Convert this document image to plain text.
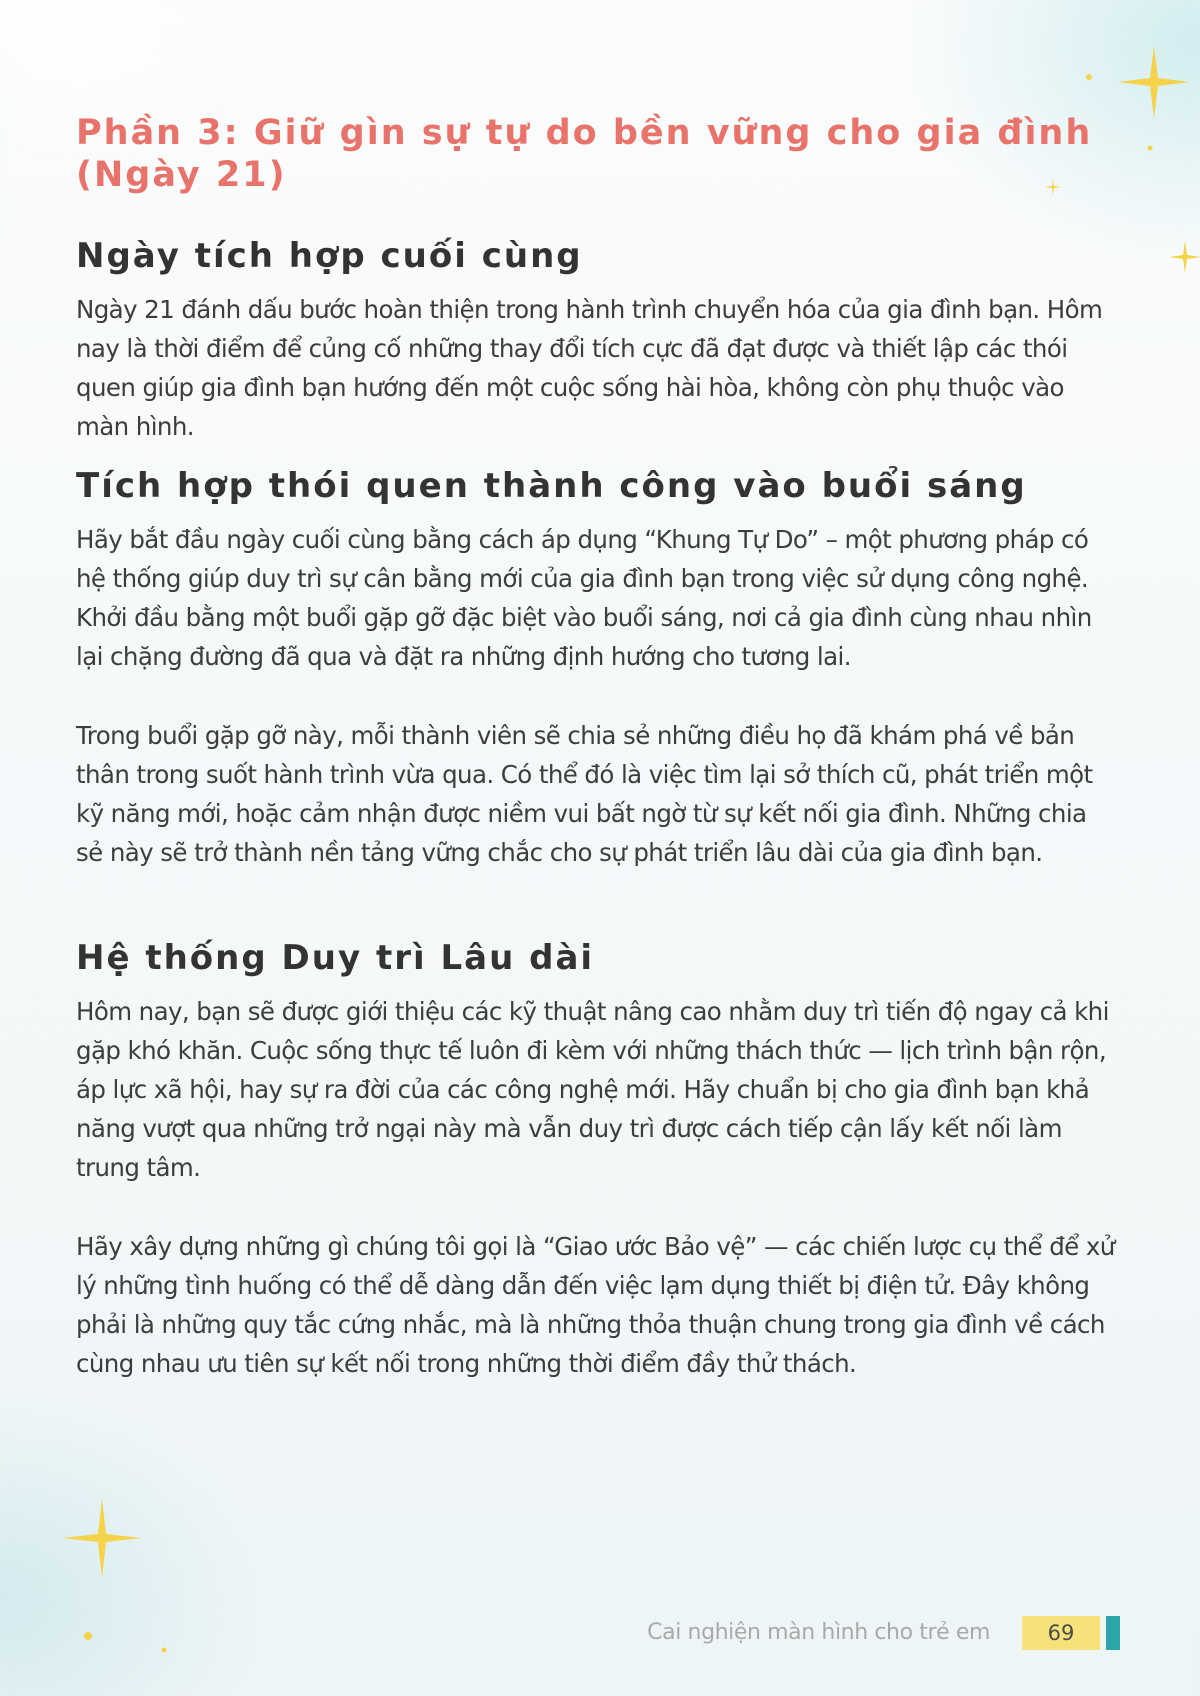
Phần 3: Giữ gìn sự tự do bền vững cho gia đình (Ngày 21)
Ngày tích hợp cuối cùng

Ngày 21 đánh dấu bước hoàn thiện trong hành trình chuyển hóa của gia đình bạn. Hôm nay là thời điểm để củng cố những thay đổi tích cực đã đạt được và thiết lập các thói quen giúp gia đình bạn hướng đến một cuộc sống hài hòa, không còn phụ thuộc vào màn hình.

Tích hợp thói quen thành công vào buổi sáng

Hãy bắt đầu ngày cuối cùng bằng cách áp dụng “Khung Tự Do” – một phương pháp có hệ thống giúp duy trì sự cân bằng mới của gia đình bạn trong việc sử dụng công nghệ. Khởi đầu bằng một buổi gặp gỡ đặc biệt vào buổi sáng, nơi cả gia đình cùng nhau nhìn lại chặng đường đã qua và đặt ra những định hướng cho tương lai.

Trong buổi gặp gỡ này, mỗi thành viên sẽ chia sẻ những điều họ đã khám phá về bản thân trong suốt hành trình vừa qua. Có thể đó là việc tìm lại sở thích cũ, phát triển một kỹ năng mới, hoặc cảm nhận được niềm vui bất ngờ từ sự kết nối gia đình. Những chia sẻ này sẽ trở thành nền tảng vững chắc cho sự phát triển lâu dài của gia đình bạn.

Hệ thống Duy trì Lâu dài

Hôm nay, bạn sẽ được giới thiệu các kỹ thuật nâng cao nhằm duy trì tiến độ ngay cả khi gặp khó khăn. Cuộc sống thực tế luôn đi kèm với những thách thức — lịch trình bận rộn, áp lực xã hội, hay sự ra đời của các công nghệ mới. Hãy chuẩn bị cho gia đình bạn khả năng vượt qua những trở ngại này mà vẫn duy trì được cách tiếp cận lấy kết nối làm trung tâm.

Hãy xây dựng những gì chúng tôi gọi là “Giao ước Bảo vệ” — các chiến lược cụ thể để xử lý những tình huống có thể dễ dàng dẫn đến việc lạm dụng thiết bị điện tử. Đây không phải là những quy tắc cứng nhắc, mà là những thỏa thuận chung trong gia đình về cách cùng nhau ưu tiên sự kết nối trong những thời điểm đầy thử thách.

Cai nghiện màn hình cho trẻ em	69
